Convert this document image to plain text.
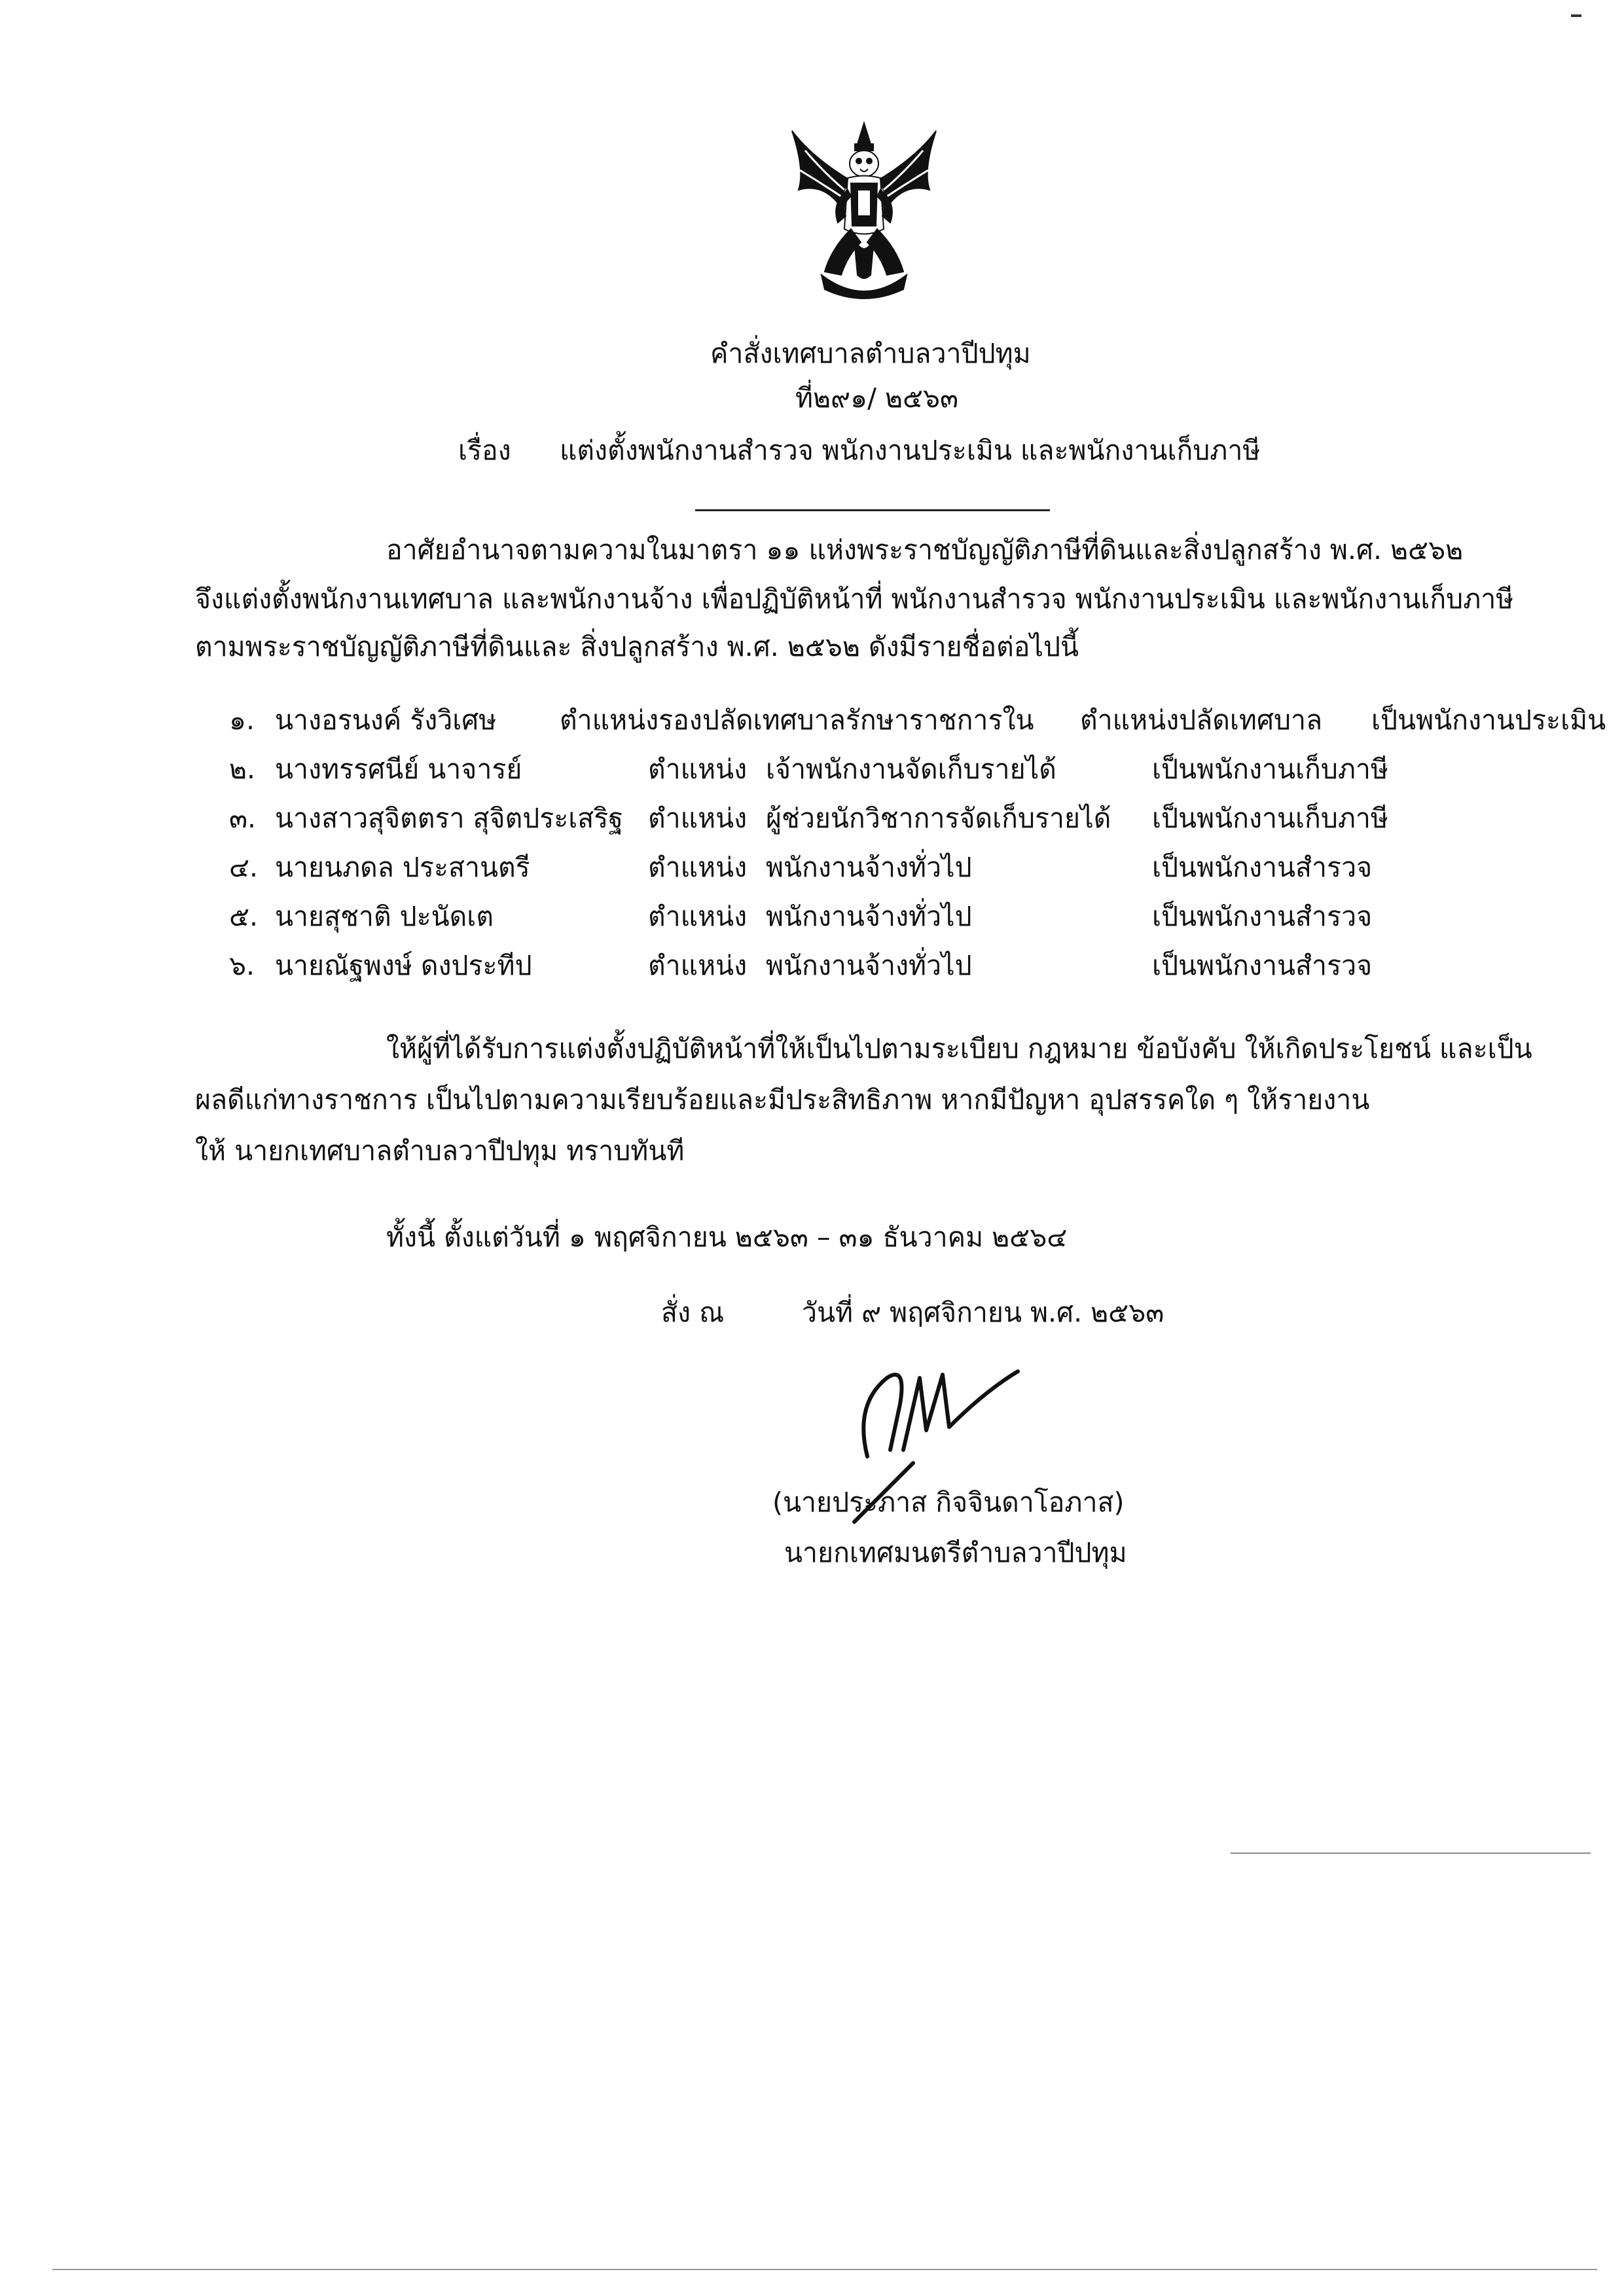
คำสั่งเทศบาลตำบลวาปีปทุม
ที่๒๙๑/ ๒๕๖๓
เรื่อง แต่งตั้งพนักงานสำรวจ พนักงานประเมิน และพนักงานเก็บภาษี
อาศัยอำนาจตามความในมาตรา ๑๑ แห่งพระราชบัญญัติภาษีที่ดินและสิ่งปลูกสร้าง พ.ศ. ๒๕๖๒
จึงแต่งตั้งพนักงานเทศบาล และพนักงานจ้าง เพื่อปฏิบัติหน้าที่ พนักงานสำรวจ พนักงานประเมิน และพนักงานเก็บภาษี
ตามพระราชบัญญัติภาษีที่ดินและ สิ่งปลูกสร้าง พ.ศ. ๒๕๖๒ ดังมีรายชื่อต่อไปนี้
๑. นางอรนงค์ รังวิเศษ ตำแหน่งรองปลัดเทศบาลรักษาราชการใน ตำแหน่งปลัดเทศบาล เป็นพนักงานประเมิน
๒. นางทรรศนีย์ นาจารย์	ตำแหน่ง เจ้าพนักงานจัดเก็บรายได้	เป็นพนักงานเก็บภาษี
๓. นางสาวสุจิตตรา สุจิตประเสริฐ ตำแหน่ง ผู้ช่วยนักวิชาการจัดเก็บรายได้ เป็นพนักงานเก็บภาษี
๔. นายนภดล ประสานตรี	ตำแหน่ง พนักงานจ้างทั่วไป	เป็นพนักงานสำรวจ
๕. นายสุชาติ ปะนัดเต	ตำแหน่ง พนักงานจ้างทั่วไป	เป็นพนักงานสำรวจ
๖. นายณัฐพงษ์ ดงประทีป	ตำแหน่ง พนักงานจ้างทั่วไป	เป็นพนักงานสำรวจ
ให้ผู้ที่ได้รับการแต่งตั้งปฏิบัติหน้าที่ให้เป็นไปตามระเบียบ กฎหมาย ข้อบังคับ ให้เกิดประโยชน์ และเป็น
ผลดีแก่ทางราชการ เป็นไปตามความเรียบร้อยและมีประสิทธิภาพ หากมีปัญหา อุปสรรคใด ๆ ให้รายงาน
ให้ นายกเทศบาลตำบลวาปีปทุม ทราบทันที
ทั้งนี้ ตั้งแต่วันที่ ๑ พฤศจิกายน ๒๕๖๓ – ๓๑ ธันวาคม ๒๕๖๔
สั่ง ณ	วันที่ ๙ พฤศจิกายน พ.ศ. ๒๕๖๓
(นายประภาส กิจจินดาโอภาส)
นายกเทศมนตรีตำบลวาปีปทุม
